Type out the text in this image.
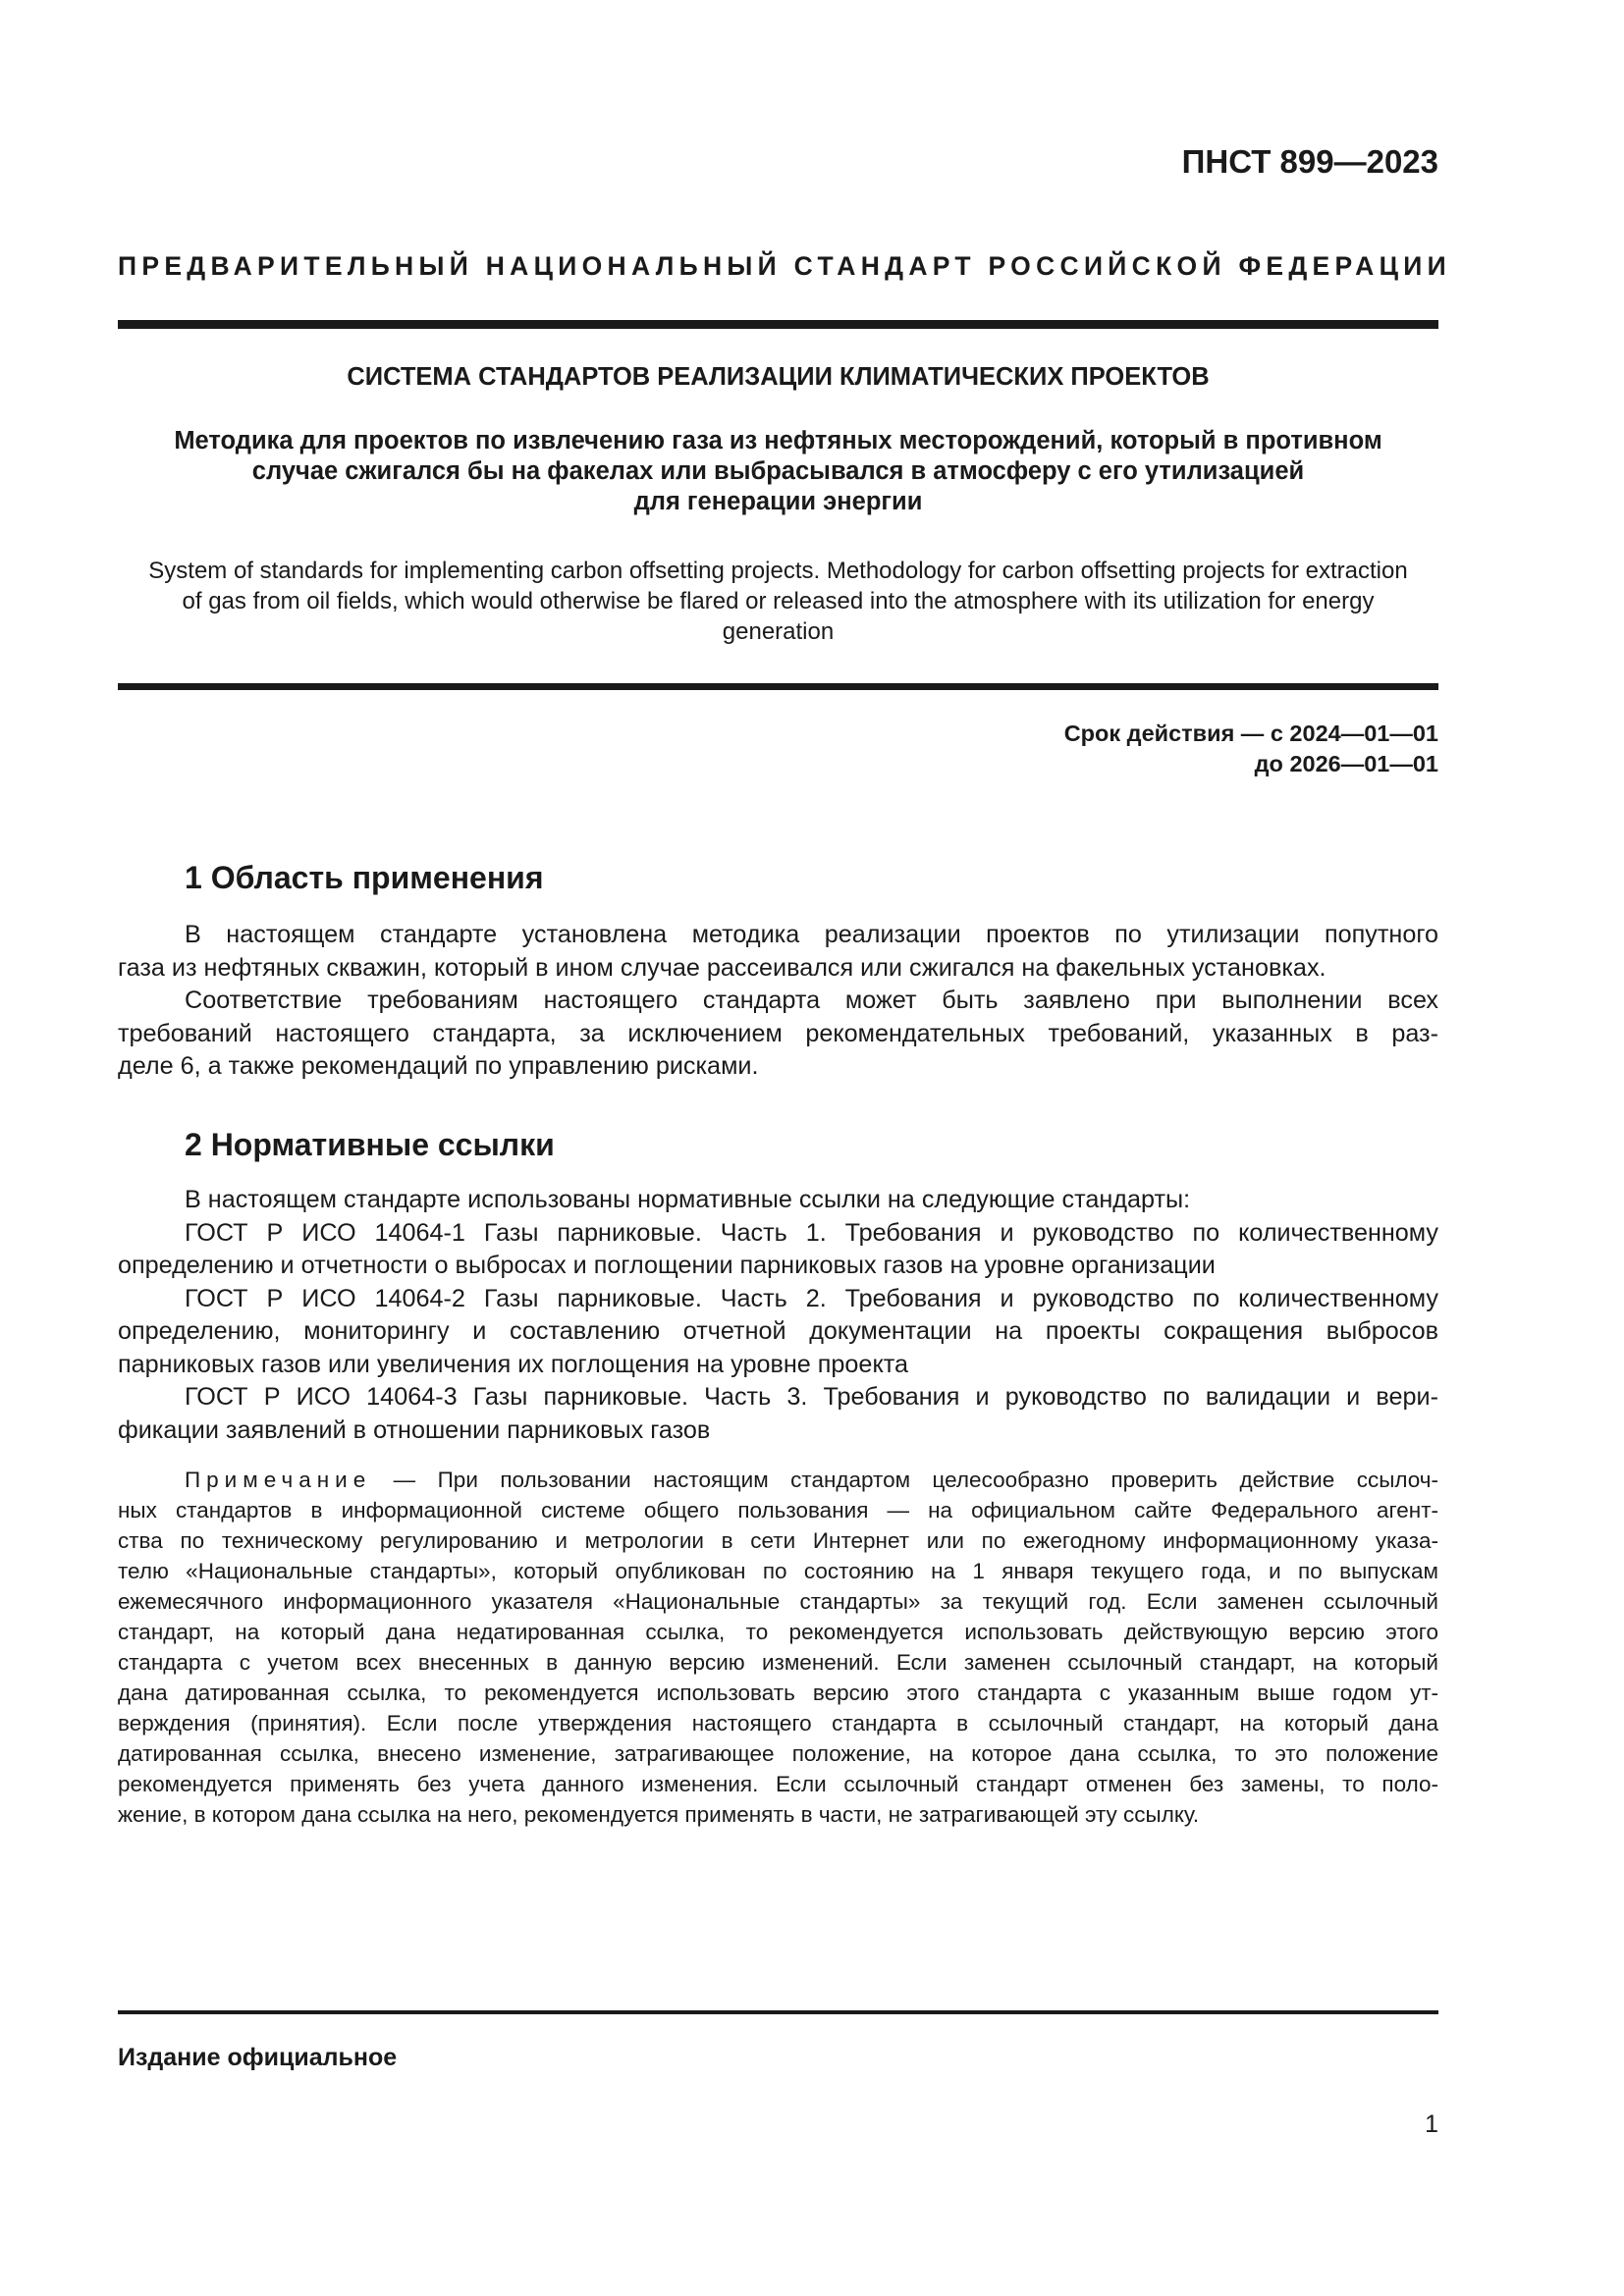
ПНСТ 899—2023
ПРЕДВАРИТЕЛЬНЫЙ НАЦИОНАЛЬНЫЙ СТАНДАРТ РОССИЙСКОЙ ФЕДЕРАЦИИ
СИСТЕМА СТАНДАРТОВ РЕАЛИЗАЦИИ КЛИМАТИЧЕСКИХ ПРОЕКТОВ
Методика для проектов по извлечению газа из нефтяных месторождений, который в противном
случае сжигался бы на факелах или выбрасывался в атмосферу с его утилизацией
для генерации энергии
System of standards for implementing carbon offsetting projects. Methodology for carbon offsetting projects for extraction
of gas from oil fields, which would otherwise be flared or released into the atmosphere with its utilization for energy
generation
Срок действия — с 2024—01—01
до 2026—01—01
1 Область применения
В настоящем стандарте установлена методика реализации проектов по утилизации попутного
газа из нефтяных скважин, который в ином случае рассеивался или сжигался на факельных установках.
Соответствие требованиям настоящего стандарта может быть заявлено при выполнении всех
требований настоящего стандарта, за исключением рекомендательных требований, указанных в раз-
деле 6, а также рекомендаций по управлению рисками.
2 Нормативные ссылки
В настоящем стандарте использованы нормативные ссылки на следующие стандарты:
ГОСТ Р ИСО 14064-1 Газы парниковые. Часть 1. Требования и руководство по количественному
определению и отчетности о выбросах и поглощении парниковых газов на уровне организации
ГОСТ Р ИСО 14064-2 Газы парниковые. Часть 2. Требования и руководство по количественному
определению, мониторингу и составлению отчетной документации на проекты сокращения выбросов
парниковых газов или увеличения их поглощения на уровне проекта
ГОСТ Р ИСО 14064-3 Газы парниковые. Часть 3. Требования и руководство по валидации и вери-
фикации заявлений в отношении парниковых газов
Примечание — При пользовании настоящим стандартом целесообразно проверить действие ссылоч-
ных стандартов в информационной системе общего пользования — на официальном сайте Федерального агент-
ства по техническому регулированию и метрологии в сети Интернет или по ежегодному информационному указа-
телю «Национальные стандарты», который опубликован по состоянию на 1 января текущего года, и по выпускам
ежемесячного информационного указателя «Национальные стандарты» за текущий год. Если заменен ссылочный
стандарт, на который дана недатированная ссылка, то рекомендуется использовать действующую версию этого
стандарта с учетом всех внесенных в данную версию изменений. Если заменен ссылочный стандарт, на который
дана датированная ссылка, то рекомендуется использовать версию этого стандарта с указанным выше годом ут-
верждения (принятия). Если после утверждения настоящего стандарта в ссылочный стандарт, на который дана
датированная ссылка, внесено изменение, затрагивающее положение, на которое дана ссылка, то это положение
рекомендуется применять без учета данного изменения. Если ссылочный стандарт отменен без замены, то поло-
жение, в котором дана ссылка на него, рекомендуется применять в части, не затрагивающей эту ссылку.
Издание официальное
1
